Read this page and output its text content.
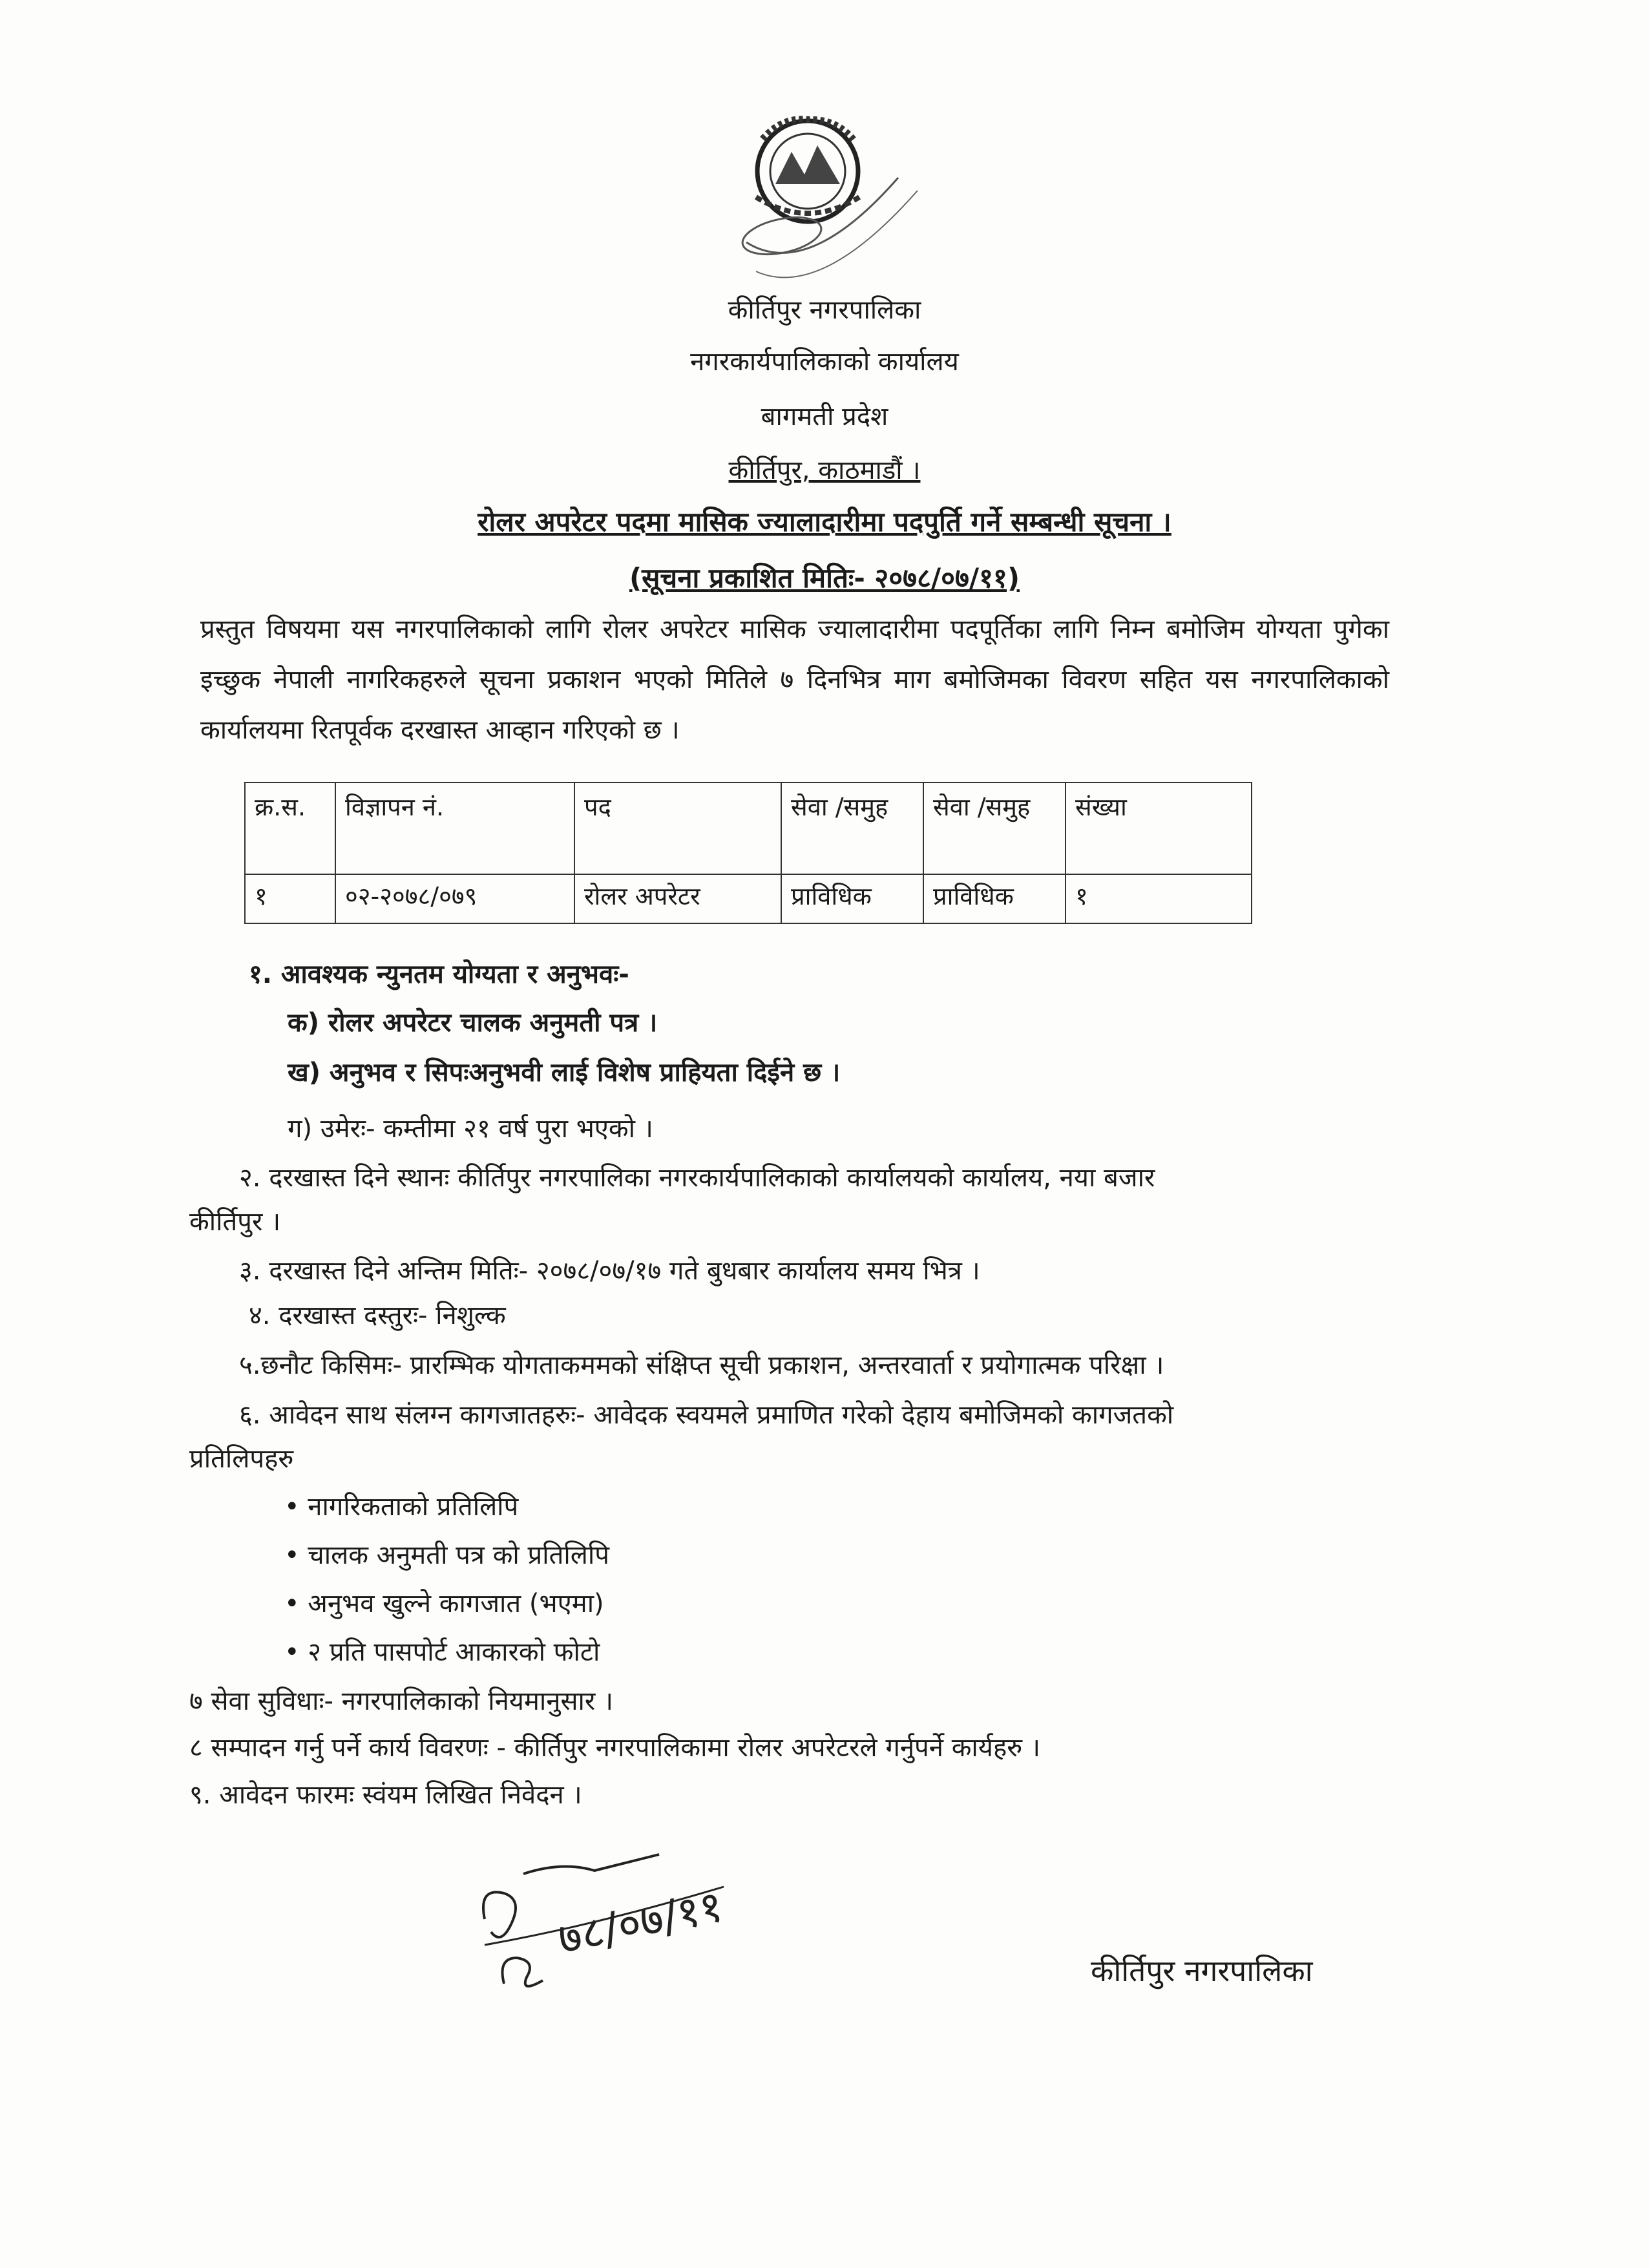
कीर्तिपुर नगरपालिका
नगरकार्यपालिकाको कार्यालय
बागमती प्रदेश
कीर्तिपुर, काठमाडौं ।
रोलर अपरेटर पदमा मासिक ज्यालादारीमा पदपुर्ति गर्ने सम्बन्धी सूचना ।
(सूचना प्रकाशित मितिः- २०७८/०७/११)
प्रस्तुत विषयमा यस नगरपालिकाको लागि रोलर अपरेटर मासिक ज्यालादारीमा पदपूर्तिका लागि निम्न बमोजिम योग्यता पुगेका इच्छुक नेपाली नागरिकहरुले सूचना प्रकाशन भएको मितिले ७ दिनभित्र माग बमोजिमका विवरण सहित यस नगरपालिकाको कार्यालयमा रितपूर्वक दरखास्त आव्हान गरिएको छ ।
क्र.स.	विज्ञापन नं.	पद	सेवा /समुह	सेवा /समुह	संख्या
१	०२-२०७८/०७९	रोलर अपरेटर	प्राविधिक	प्राविधिक	१
१. आवश्यक न्युनतम योग्यता र अनुभवः-
क) रोलर अपरेटर चालक अनुमती पत्र ।
ख) अनुभव र सिपःअनुभवी लाई विशेष प्राहियता दिईने छ ।
ग) उमेरः- कम्तीमा २१ वर्ष पुरा भएको ।
२. दरखास्त दिने स्थानः कीर्तिपुर नगरपालिका नगरकार्यपालिकाको कार्यालयको कार्यालय, नया बजार
कीर्तिपुर ।
३. दरखास्त दिने अन्तिम मितिः- २०७८/०७/१७ गते बुधबार कार्यालय समय भित्र ।
४. दरखास्त दस्तुरः- निशुल्क
५.छनौट किसिमः- प्रारम्भिक योगताकममको संक्षिप्त सूची प्रकाशन, अन्तरवार्ता र प्रयोगात्मक परिक्षा ।
६. आवेदन साथ संलग्न कागजातहरुः- आवेदक स्वयमले प्रमाणित गरेको देहाय बमोजिमको कागजतको
प्रतिलिपहरु
• नागरिकताको प्रतिलिपि
• चालक अनुमती पत्र को प्रतिलिपि
• अनुभव खुल्ने कागजात (भएमा)
• २ प्रति पासपोर्ट आकारको फोटो
७ सेवा सुविधाः- नगरपालिकाको नियमानुसार ।
८ सम्पादन गर्नु पर्ने कार्य विवरणः - कीर्तिपुर नगरपालिकामा रोलर अपरेटरले गर्नुपर्ने कार्यहरु ।
९. आवेदन फारमः स्वंयम लिखित निवेदन ।
७८/०७/११
कीर्तिपुर नगरपालिका
